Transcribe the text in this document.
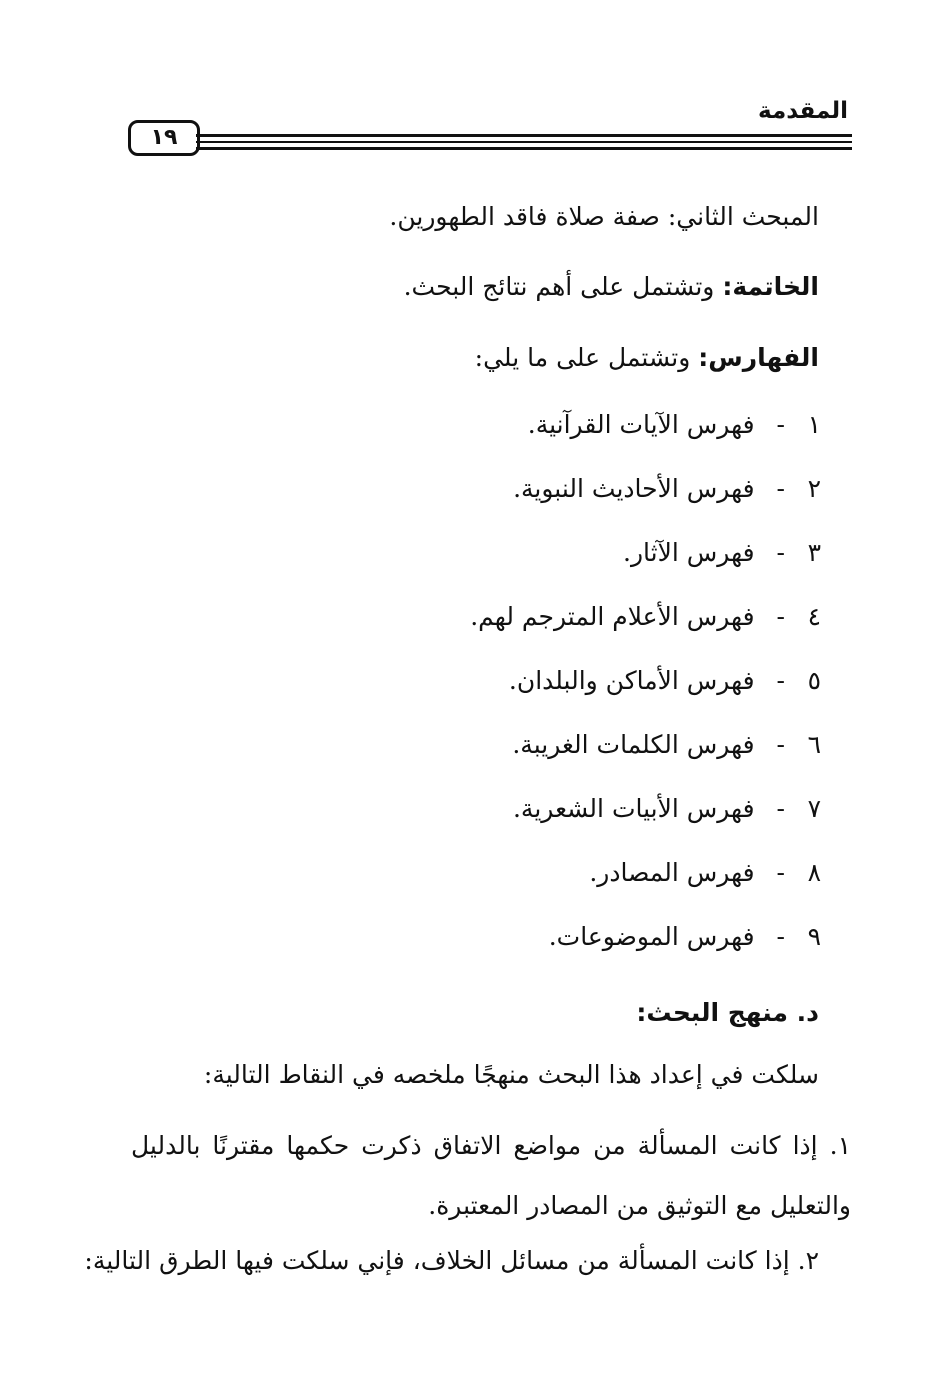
المقدمة
١٩
المبحث الثاني: صفة صلاة فاقد الطهورين.
الخاتمة: وتشتمل على أهم نتائج البحث.
الفهارس: وتشتمل على ما يلي:
١-فهرس الآيات القرآنية.
٢-فهرس الأحاديث النبوية.
٣-فهرس الآثار.
٤-فهرس الأعلام المترجم لهم.
٥-فهرس الأماكن والبلدان.
٦-فهرس الكلمات الغريبة.
٧-فهرس الأبيات الشعرية.
٨-فهرس المصادر.
٩-فهرس الموضوعات.
د. منهج البحث:
سلكت في إعداد هذا البحث منهجًا ملخصه في النقاط التالية:
١. إذا كانت المسألة من مواضع الاتفاق ذكرت حكمها مقترنًا بالدليل والتعليل مع التوثيق من المصادر المعتبرة.
٢. إذا كانت المسألة من مسائل الخلاف، فإني سلكت فيها الطرق التالية:
